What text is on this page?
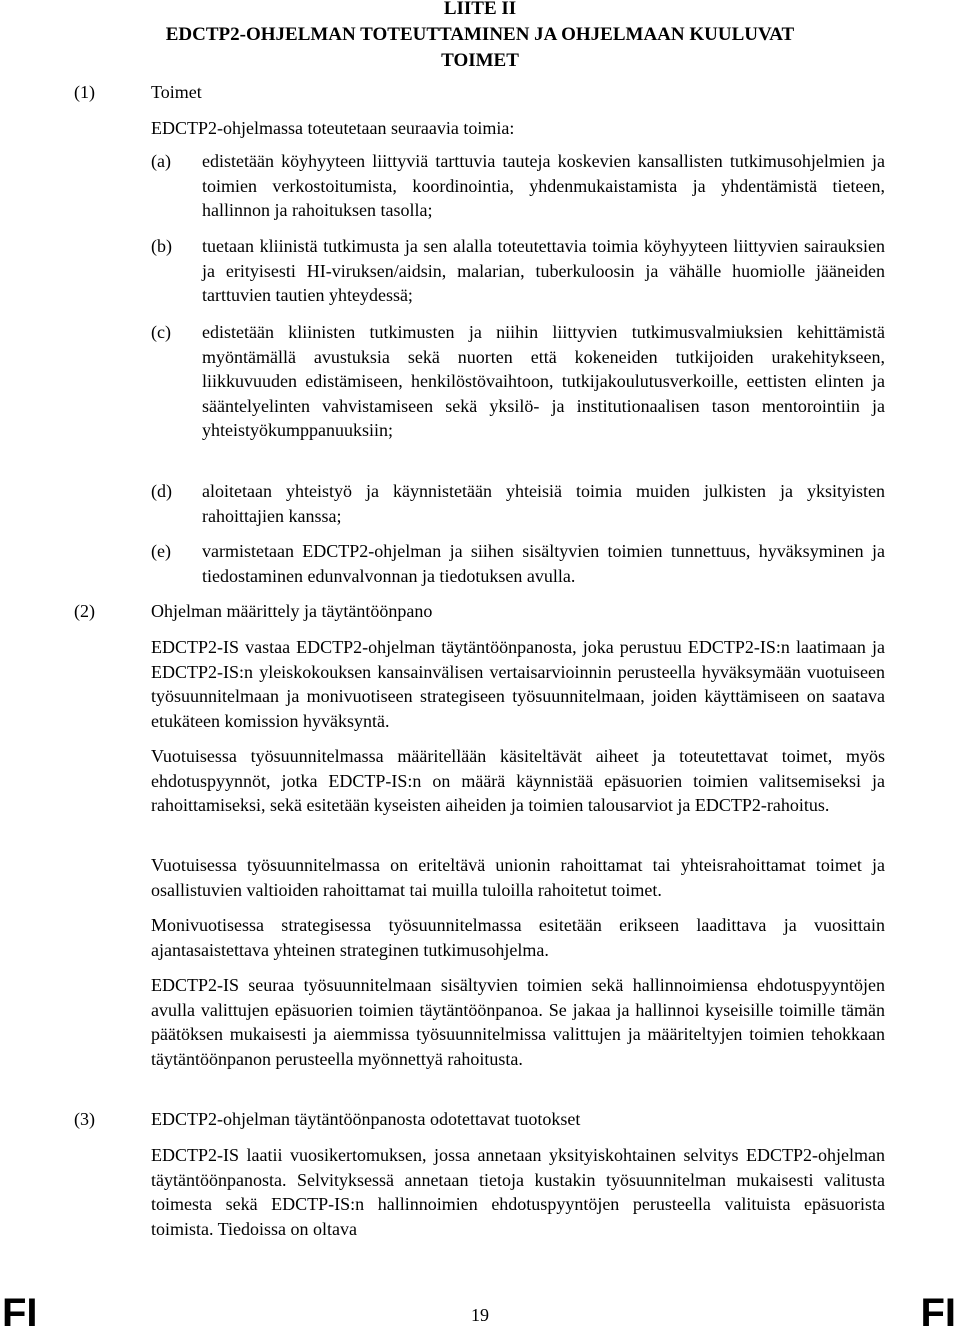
LIITE II
EDCTP2-OHJELMAN TOTEUTTAMINEN JA OHJELMAAN KUULUVAT
TOIMET
(1)	Toimet
EDCTP2-ohjelmassa toteutetaan seuraavia toimia:
(a) edistetään köyhyyteen liittyviä tarttuvia tauteja koskevien kansallisten tutkimusohjelmien ja toimien verkostoitumista, koordinointia, yhdenmukaistamista ja yhdentämistä tieteen, hallinnon ja rahoituksen tasolla;
(b) tuetaan kliinistä tutkimusta ja sen alalla toteutettavia toimia köyhyyteen liittyvien sairauksien ja erityisesti HI-viruksen/aidsin, malarian, tuberkuloosin ja vähälle huomiolle jääneiden tarttuvien tautien yhteydessä;
(c) edistetään kliinisten tutkimusten ja niihin liittyvien tutkimusvalmiuksien kehittämistä myöntämällä avustuksia sekä nuorten että kokeneiden tutkijoiden urakehitykseen, liikkuvuuden edistämiseen, henkilöstövaihtoon, tutkijakoulutusverkoille, eettisten elinten ja sääntelyelinten vahvistamiseen sekä yksilö- ja institutionaalisen tason mentorointiin ja yhteistyökumppanuuksiin;
(d) aloitetaan yhteistyö ja käynnistetään yhteisiä toimia muiden julkisten ja yksityisten rahoittajien kanssa;
(e) varmistetaan EDCTP2-ohjelman ja siihen sisältyvien toimien tunnettuus, hyväksyminen ja tiedostaminen edunvalvonnan ja tiedotuksen avulla.
(2)	Ohjelman määrittely ja täytäntöönpano
EDCTP2-IS vastaa EDCTP2-ohjelman täytäntöönpanosta, joka perustuu EDCTP2-IS:n laatimaan ja EDCTP2-IS:n yleiskokouksen kansainvälisen vertaisarvioinnin perusteella hyväksymään vuotuiseen työsuunnitelmaan ja monivuotiseen strategiseen työsuunnitelmaan, joiden käyttämiseen on saatava etukäteen komission hyväksyntä.
Vuotuisessa työsuunnitelmassa määritellään käsiteltävät aiheet ja toteutettavat toimet, myös ehdotuspyynnöt, jotka EDCTP-IS:n on määrä käynnistää epäsuorien toimien valitsemiseksi ja rahoittamiseksi, sekä esitetään kyseisten aiheiden ja toimien talousarviot ja EDCTP2-rahoitus.
Vuotuisessa työsuunnitelmassa on eriteltävä unionin rahoittamat tai yhteisrahoittamat toimet ja osallistuvien valtioiden rahoittamat tai muilla tuloilla rahoitetut toimet.
Monivuotisessa strategisessa työsuunnitelmassa esitetään erikseen laadittava ja vuosittain ajantasaistettava yhteinen strateginen tutkimusohjelma.
EDCTP2-IS seuraa työsuunnitelmaan sisältyvien toimien sekä hallinnoimiensa ehdotuspyyntöjen avulla valittujen epäsuorien toimien täytäntöönpanoa. Se jakaa ja hallinnoi kyseisille toimille tämän päätöksen mukaisesti ja aiemmissa työsuunnitelmissa valittujen ja määriteltyjen toimien tehokkaan täytäntöönpanon perusteella myönnettyä rahoitusta.
(3)	EDCTP2-ohjelman täytäntöönpanosta odotettavat tuotokset
EDCTP2-IS laatii vuosikertomuksen, jossa annetaan yksityiskohtainen selvitys EDCTP2-ohjelman täytäntöönpanosta. Selvityksessä annetaan tietoja kustakin työsuunnitelman mukaisesti valitusta toimesta sekä EDCTP-IS:n hallinnoimien ehdotuspyyntöjen perusteella valituista epäsuorista toimista. Tiedoissa on oltava
FI	19	FI
